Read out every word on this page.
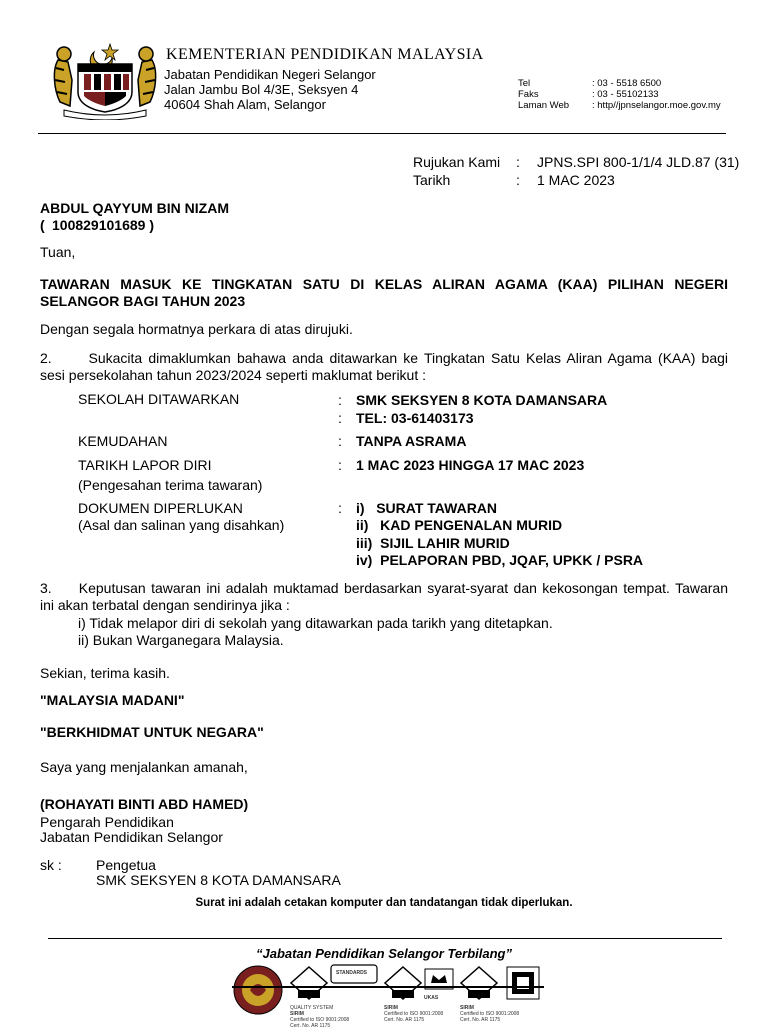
KEMENTERIAN PENDIDIKAN MALAYSIA
Jabatan Pendidikan Negeri Selangor
Jalan Jambu Bol 4/3E, Seksyen 4
40604 Shah Alam, Selangor
Tel	: 03 - 5518 6500
Faks	: 03 - 55102133
Laman Web	: http//jpnselangor.moe.gov.my
Rujukan Kami	: JPNS.SPI 800-1/1/4 JLD.87 (31)
Tarikh	: 1 MAC 2023
ABDUL QAYYUM BIN NIZAM
( 100829101689 )
Tuan,
TAWARAN MASUK KE TINGKATAN SATU DI KELAS ALIRAN AGAMA (KAA) PILIHAN NEGERI
SELANGOR BAGI TAHUN 2023
Dengan segala hormatnya perkara di atas dirujuki.
2.      Sukacita dimaklumkan bahawa anda ditawarkan ke Tingkatan Satu Kelas Aliran Agama (KAA) bagi
sesi persekolahan tahun 2023/2024 seperti maklumat berikut :
SEKOLAH DITAWARKAN	: SMK SEKSYEN 8 KOTA DAMANSARA
: TEL: 03-61403173
KEMUDAHAN	: TANPA ASRAMA
TARIKH LAPOR DIRI	: 1 MAC 2023 HINGGA 17 MAC 2023
(Pengesahan terima tawaran)
DOKUMEN DIPERLUKAN	:
(Asal dan salinan yang disahkan)
i)   SURAT TAWARAN
ii)   KAD PENGENALAN MURID
iii)  SIJIL LAHIR MURID
iv)  PELAPORAN PBD, JQAF, UPKK / PSRA
3.     Keputusan tawaran ini adalah muktamad berdasarkan syarat-syarat dan kekosongan tempat. Tawaran
ini akan terbatal dengan sendirinya jika :
i) Tidak melapor diri di sekolah yang ditawarkan pada tarikh yang ditetapkan.
ii) Bukan Warganegara Malaysia.
Sekian, terima kasih.
"MALAYSIA MADANI"
"BERKHIDMAT UNTUK NEGARA"
Saya yang menjalankan amanah,
(ROHAYATI BINTI ABD HAMED)
Pengarah Pendidikan
Jabatan Pendidikan Selangor
sk : Pengetua
SMK SEKSYEN 8 KOTA DAMANSARA
Surat ini adalah cetakan komputer dan tandatangan tidak diperlukan.
“Jabatan Pendidikan Selangor Terbilang”
QUALITY SYSTEM
SIRIM
Certified to ISO 9001:2008
Cert. No. AR 1175
STANDARDS
SIRIM
Certified to ISO 9001:2008
Cert. No. AR 1175
UKAS
SIRIM
Certified to ISO 9001:2008
Cert. No. AR 1175
